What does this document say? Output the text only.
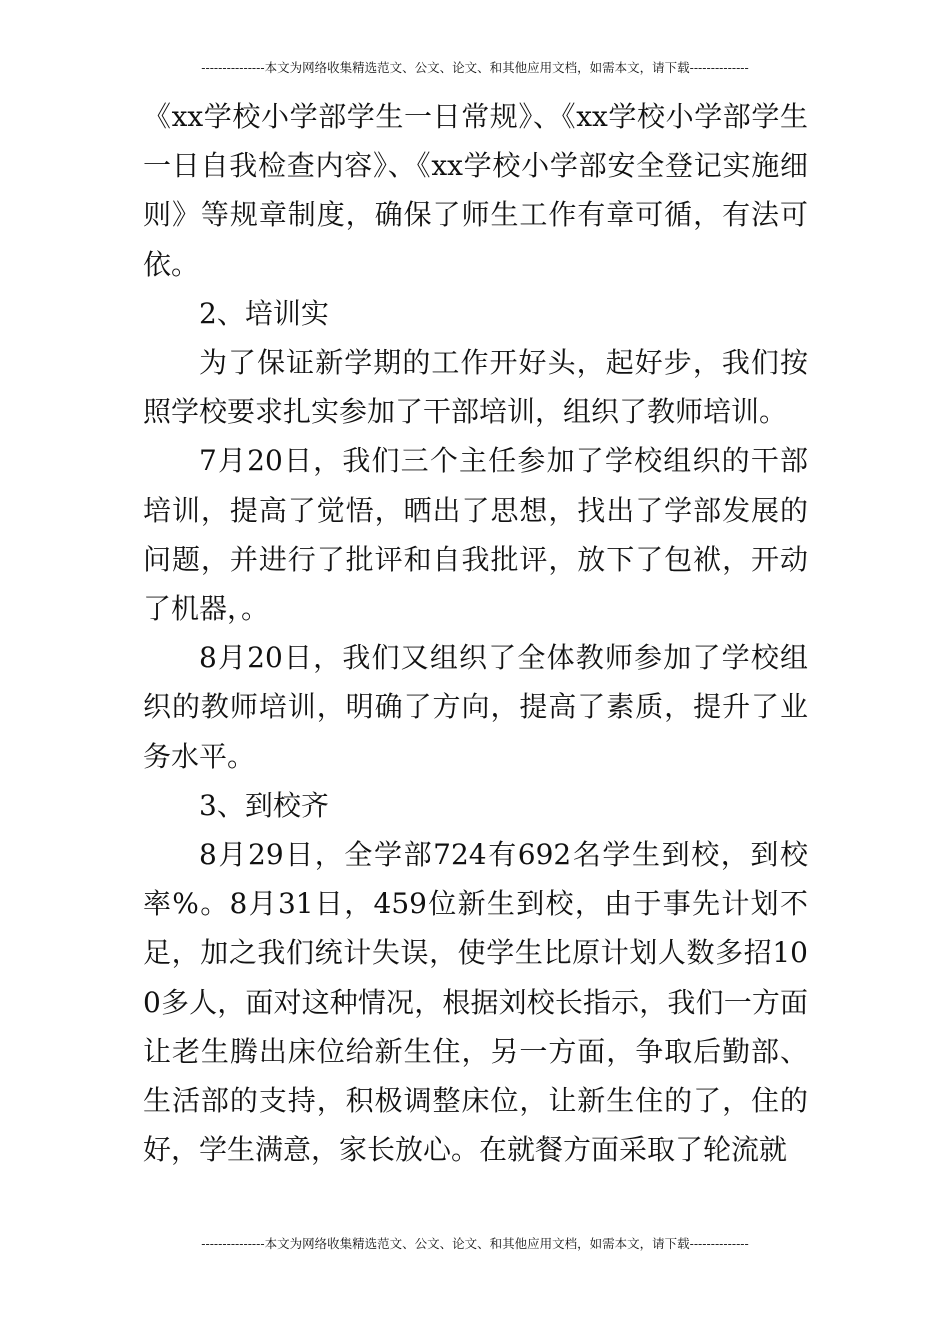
---------------本文为网络收集精选范文、公文、论文、和其他应用文档，如需本文，请下载--------------

《xx学校小学部学生一日常规》、《xx学校小学部学生一日自我检查内容》、《xx学校小学部安全登记实施细则》等规章制度，确保了师生工作有章可循，有法可依。

2、培训实

为了保证新学期的工作开好头，起好步，我们按照学校要求扎实参加了干部培训，组织了教师培训。

7月20日，我们三个主任参加了学校组织的干部培训，提高了觉悟，晒出了思想，找出了学部发展的问题，并进行了批评和自我批评，放下了包袱，开动了机器，。

8月20日，我们又组织了全体教师参加了学校组织的教师培训，明确了方向，提高了素质，提升了业务水平。

3、到校齐

8月29日，全学部724有692名学生到校，到校率%。8月31日，459位新生到校，由于事先计划不足，加之我们统计失误，使学生比原计划人数多招100多人，面对这种情况，根据刘校长指示，我们一方面让老生腾出床位给新生住，另一方面，争取后勤部、生活部的支持，积极调整床位，让新生住的了，住的好，学生满意，家长放心。在就餐方面采取了轮流就

---------------本文为网络收集精选范文、公文、论文、和其他应用文档，如需本文，请下载--------------
